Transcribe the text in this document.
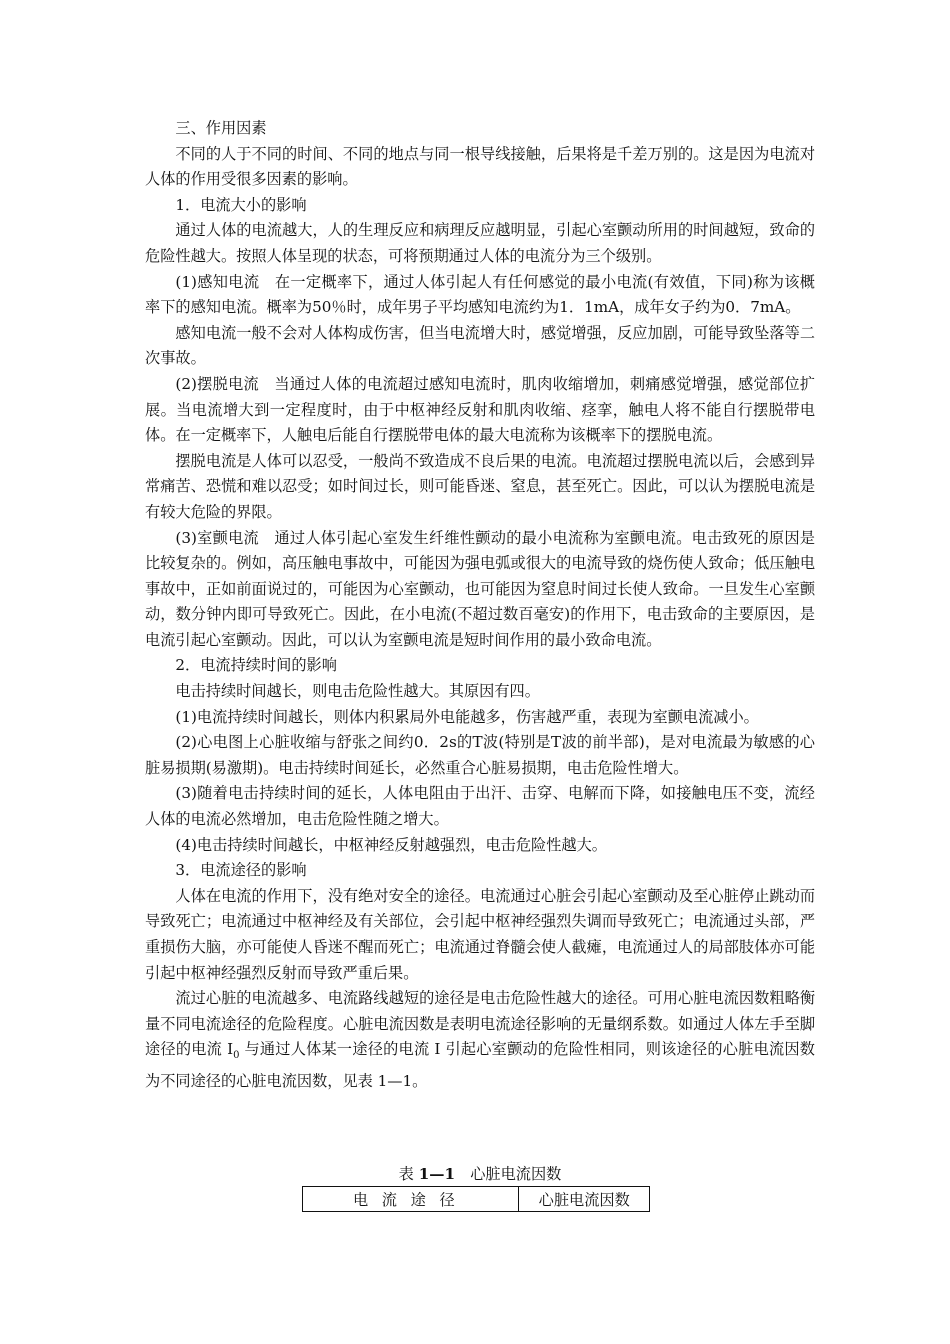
三、作用因素

不同的人于不同的时间、不同的地点与同一根导线接触，后果将是千差万别的。这是因为电流对人体的作用受很多因素的影响。

1．电流大小的影响

通过人体的电流越大，人的生理反应和病理反应越明显，引起心室颤动所用的时间越短，致命的危险性越大。按照人体呈现的状态，可将预期通过人体的电流分为三个级别。

(1)感知电流　在一定概率下，通过人体引起人有任何感觉的最小电流(有效值，下同)称为该概率下的感知电流。概率为50％时，成年男子平均感知电流约为1．1mA，成年女子约为0．7mA。

感知电流一般不会对人体构成伤害，但当电流增大时，感觉增强，反应加剧，可能导致坠落等二次事故。

(2)摆脱电流　当通过人体的电流超过感知电流时，肌肉收缩增加，刺痛感觉增强，感觉部位扩展。当电流增大到一定程度时，由于中枢神经反射和肌肉收缩、痉挛，触电人将不能自行摆脱带电体。在一定概率下，人触电后能自行摆脱带电体的最大电流称为该概率下的摆脱电流。

摆脱电流是人体可以忍受，一般尚不致造成不良后果的电流。电流超过摆脱电流以后，会感到异常痛苦、恐慌和难以忍受；如时间过长，则可能昏迷、窒息，甚至死亡。因此，可以认为摆脱电流是有较大危险的界限。

(3)室颤电流　通过人体引起心室发生纤维性颤动的最小电流称为室颤电流。电击致死的原因是比较复杂的。例如，高压触电事故中，可能因为强电弧或很大的电流导致的烧伤使人致命；低压触电事故中，正如前面说过的，可能因为心室颤动，也可能因为窒息时间过长使人致命。一旦发生心室颤动，数分钟内即可导致死亡。因此，在小电流(不超过数百毫安)的作用下，电击致命的主要原因，是电流引起心室颤动。因此，可以认为室颤电流是短时间作用的最小致命电流。

2．电流持续时间的影响

电击持续时间越长，则电击危险性越大。其原因有四。

(1)电流持续时间越长，则体内积累局外电能越多，伤害越严重，表现为室颤电流减小。

(2)心电图上心脏收缩与舒张之间约0．2s的T波(特别是T波的前半部)，是对电流最为敏感的心脏易损期(易激期)。电击持续时间延长，必然重合心脏易损期，电击危险性增大。

(3)随着电击持续时间的延长，人体电阻由于出汗、击穿、电解而下降，如接触电压不变，流经人体的电流必然增加，电击危险性随之增大。

(4)电击持续时间越长，中枢神经反射越强烈，电击危险性越大。

3．电流途径的影响

人体在电流的作用下，没有绝对安全的途径。电流通过心脏会引起心室颤动及至心脏停止跳动而导致死亡；电流通过中枢神经及有关部位，会引起中枢神经强烈失调而导致死亡；电流通过头部，严重损伤大脑，亦可能使人昏迷不醒而死亡；电流通过脊髓会使人截瘫，电流通过人的局部肢体亦可能引起中枢神经强烈反射而导致严重后果。

流过心脏的电流越多、电流路线越短的途径是电击危险性越大的途径。可用心脏电流因数粗略衡量不同电流途径的危险程度。心脏电流因数是表明电流途径影响的无量纲系数。如通过人体左手至脚途径的电流 $I_0$ 与通过人体某一途径的电流 I 引起心室颤动的危险性相同，则该途径的心脏电流因数为不同途径的心脏电流因数，见表 1—1。

表 1—1　心脏电流因数
电流途径	心脏电流因数
